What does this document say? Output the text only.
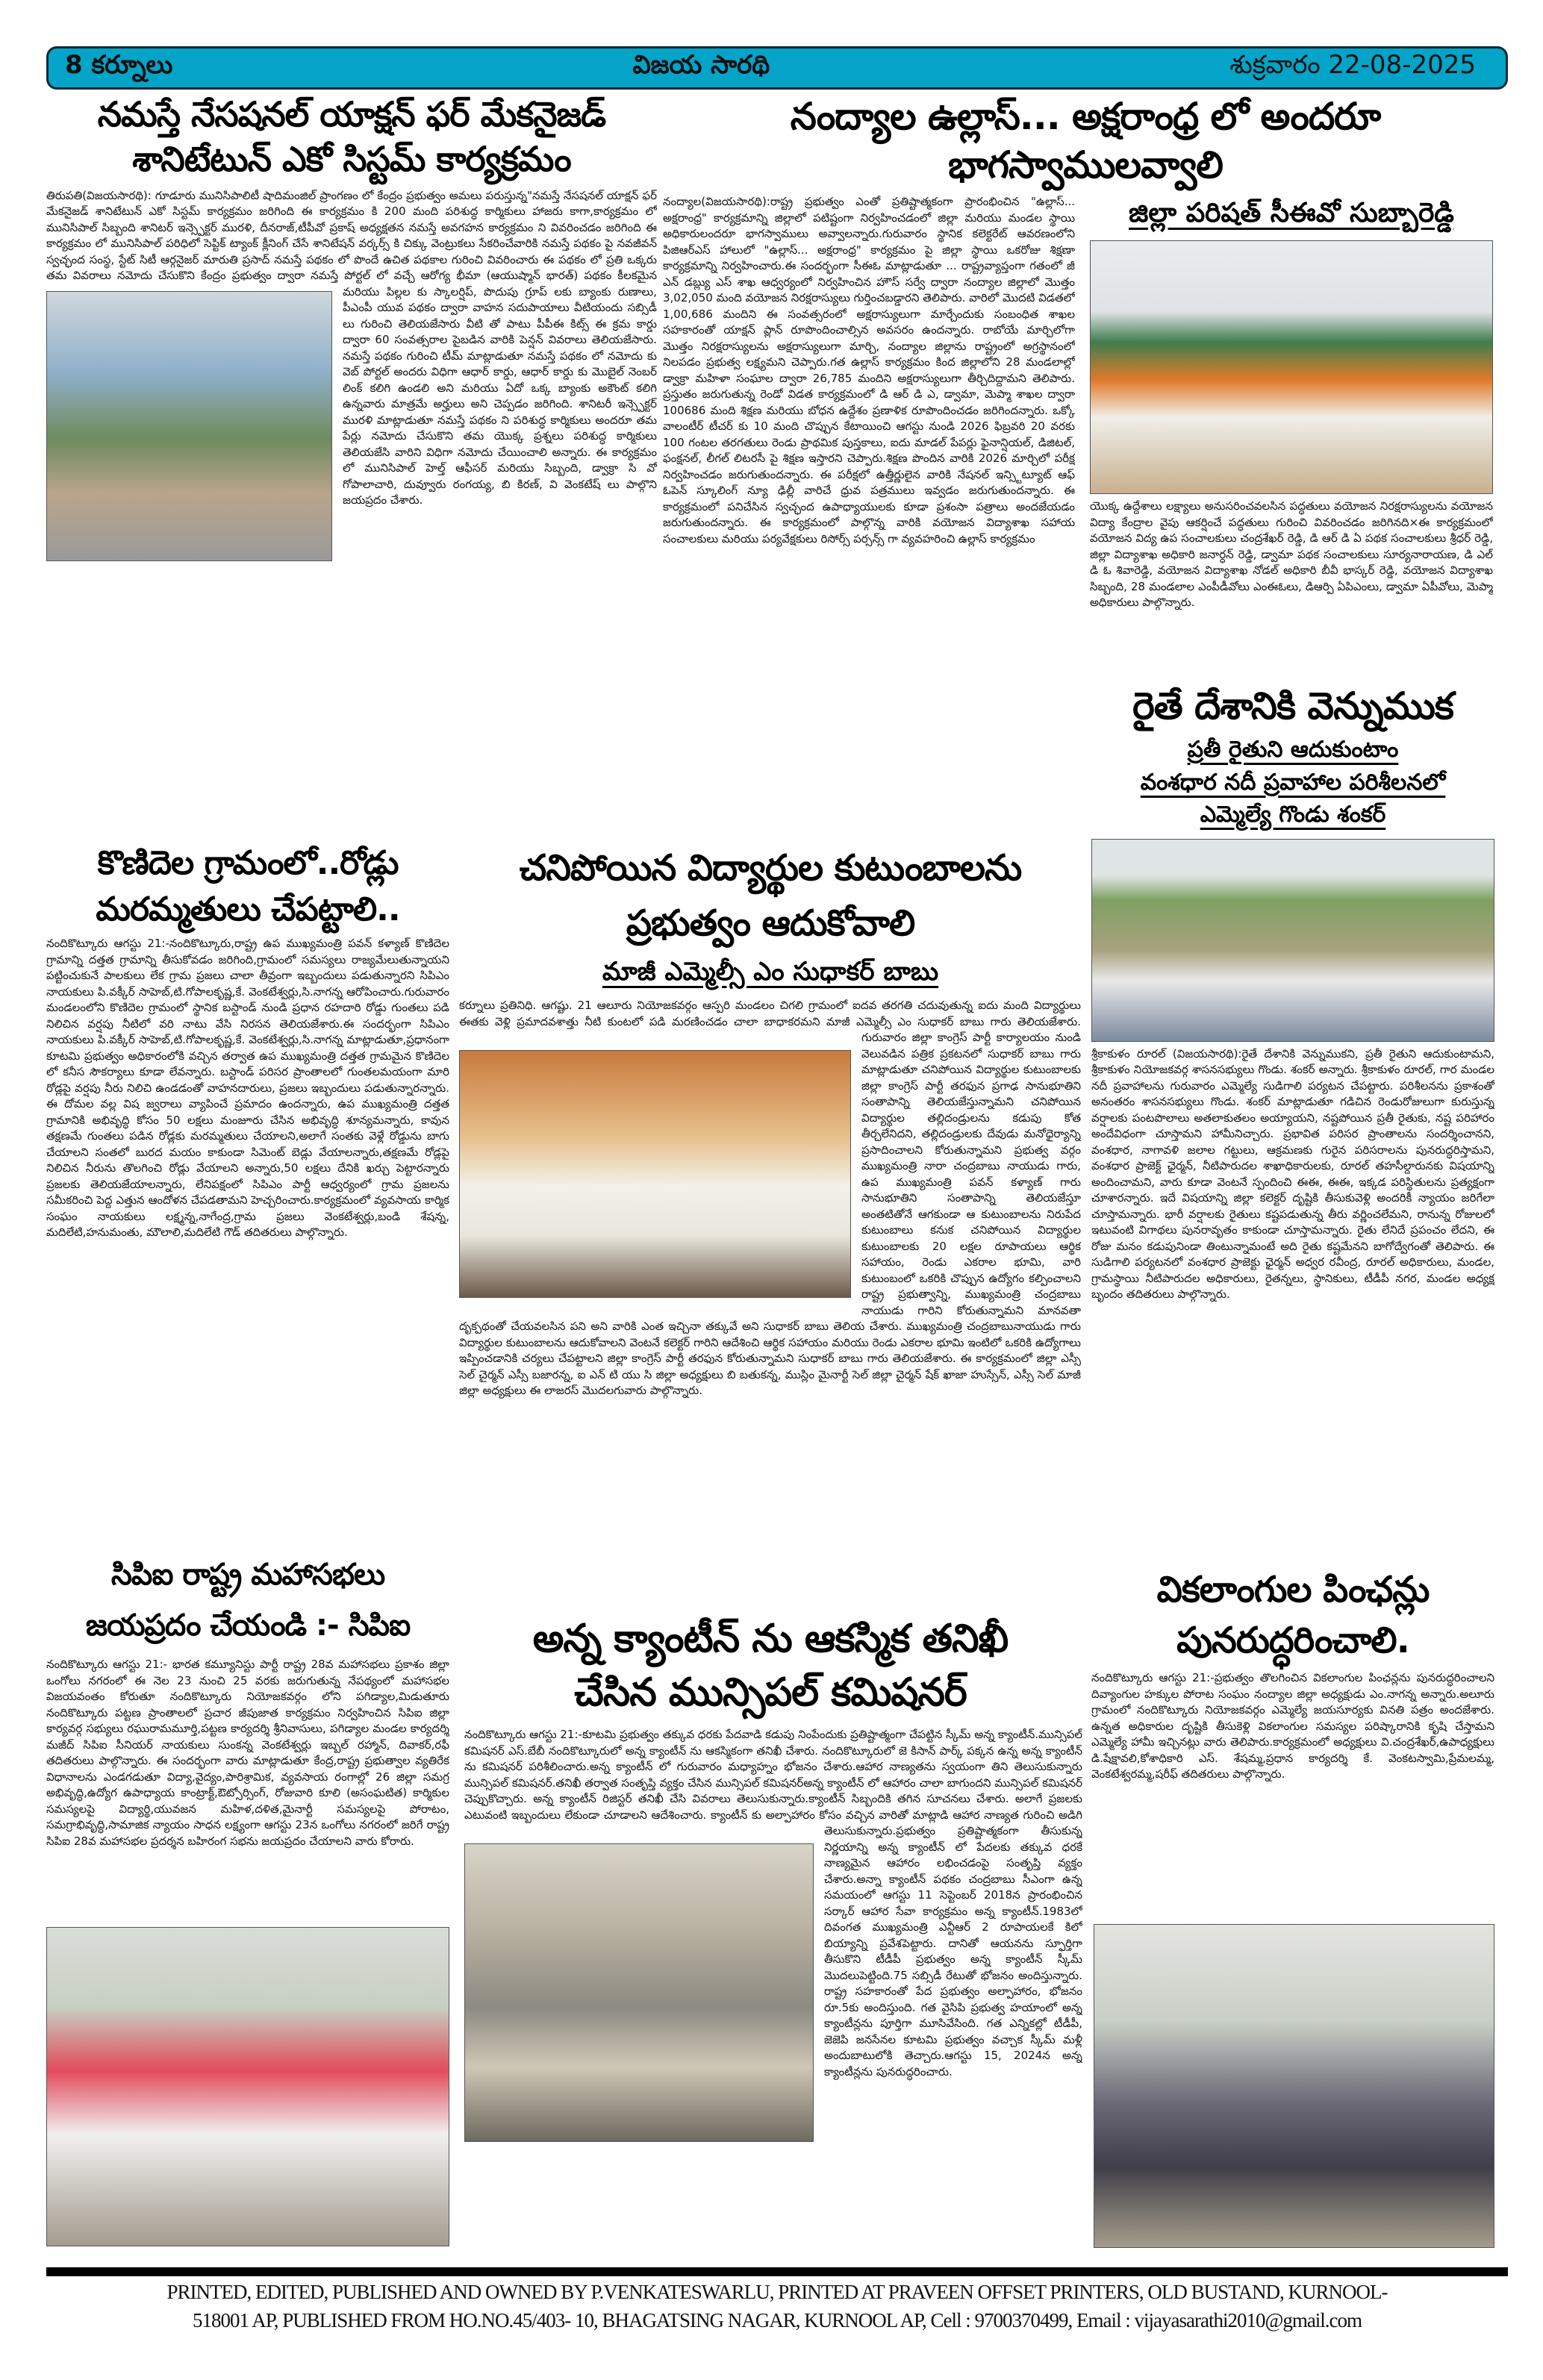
8 కర్నూలు	విజయ సారథి	శుక్రవారం 22-08-2025
నమస్తే నేసషనల్ యాక్షన్ ఫర్ మేకనైజడ్
శానిటేటున్ ఎకో సిస్టమ్ కార్యక్రమం
తిరుపతి(విజయసారథి): గూడూరు మునిసిపాలిటీ షాదిమంజిల్ ప్రాంగణం లో కేంద్రం ప్రభుత్వం అమలు పరుస్తున్న"నమస్తే నేసషనల్ యాక్షన్ ఫర్ మేకనైజడ్ శానిటేటున్ ఎకో సిస్టమ్ కార్యక్రమం జరిగింది ఈ కార్యక్రమం కి 200 మంది పరిశుద్ధ కార్మికులు హాజరు కాగా,కార్యక్రమం లో మునిసిపాల్ సిబ్బంది శానిటర్ ఇన్స్పెక్టర్ మురళి, దీనరాజ్,టీపీవో ప్రకాష్ అధ్యక్షతన నమస్తే అవగహన కార్యక్రమం ని వివరించడం జరిగింది ఈ కార్యక్రమం లో మునిసిపాల్ పరిధిలో సెప్టిక్ ట్యాంక్ క్లీనింగ్ చేసే శానిటేషన్ వర్కర్స్ కి చిక్కు వెంట్రుకలు సేకరించేవారికి నమస్తే పథకం పై నవజీవన్ స్వచ్ఛంద సంస్థ, స్టేట్ సిటీ ఆర్గనైజర్ మారుతి ప్రసాద్ నమస్తే పథకం లో పొందే ఉచిత పథకాల గురించి వివరించారు ఈ పథకం లో ప్రతి ఒక్కరు తమ వివరాలు నమోదు చేసుకొని కేంద్రం ప్రభుత్వం ద్వారా నమస్తే పోర్టల్ లో వచ్చే ఆరోగ్య భీమా (ఆయుష్మాన్ భారత్) పథకం కీలకమైన మరియు పిల్లల కు స్కాలర్షిప్, పొదుపు గ్రూప్ లకు బ్యాంకు రుణాలు, పీఎంపీ యువ పథకం ద్వారా వాహన సదుపాయాలు వీటియందు సబ్సిడీ లు గురించి తెలియజేసారు వీటి తో పాటు పీపీఈ కిట్స్ ఈ క్రమ కార్డు ద్వారా 60 సంవత్సరాల పైబడిన వారికి పెన్షన్ వివరాలు తెలియజేసారు. నమస్తే పథకం గురించి టీమ్ మాట్లాడుతూ నమస్తే పథకం లో నమోదు కు వెబ్ పోర్టల్ అందరు విధిగా ఆధార్ కార్డు, ఆధార్ కార్డు కు మొబైల్ నెంబర్ లింక్ కలిగి ఉండలి అని మరియు ఏదో ఒక్క బ్యాంకు అకౌంట్ కలిగి ఉన్నవారు మాత్రమే అర్హులు అని చెప్పడం జరిగింది. శానిటరీ ఇన్స్పెక్టర్ మురళి మాట్లాడుతూ నమస్తే పథకం ని పరిశుద్ధ కార్మికులు అందరూ తమ పేర్లు నమోదు చేసుకొని తమ యొక్క ప్రశ్నలు పరిశుద్ధ కార్మికులు తెలియజేసి వారిని విధిగా నమోదు చేయించాలి అన్నారు. ఈ కార్యక్రమం లో మునిసిపాల్ హెల్త్ ఆఫీసర్ మరియు సిబ్బంది, డ్వాక్రా సి వో గోపాలాచారి, దువ్వూరు రంగయ్య, బి కిరణ్, వి వెంకటేష్ లు పాల్గొని జయప్రదం చేశారు.
నంద్యాల ఉల్లాస్... అక్షరాంధ్ర లో అందరూ భాగస్వాములవ్వాలి
నంద్యాల(విజయసారథి):రాష్ట్ర ప్రభుత్వం ఎంతో ప్రతిష్టాత్మకంగా ప్రారంభించిన "ఉల్లాస్... అక్షరాంధ్ర" కార్యక్రమాన్ని జిల్లాలో పటిష్టంగా నిర్వహించడంలో జిల్లా మరియు మండల స్థాయి అధికారులందరూ భాగస్వాములు అవ్వాలన్నారు.గురువారం స్థానిక కలెక్టరేట్ ఆవరణంలోని పిజిఆర్ఎస్ హాలులో "ఉల్లాస్... అక్షరాంధ్ర" కార్యక్రమం పై జిల్లా స్థాయి ఒకరోజు శిక్షణా కార్యక్రమాన్ని నిర్వహించారు.ఈ సందర్భంగా సీఈఓ మాట్లాడుతూ ... రాష్ట్రవ్యాప్తంగా గతంలో జీ ఎన్ డబ్ల్యు ఎస్ శాఖ ఆధ్వర్యంలో నిర్వహించిన హౌస్ సర్వే ద్వారా నంద్యాల జిల్లాలో మొత్తం 3,02,050 మంది వయోజన నిరక్షరాస్యులు గుర్తించబడ్డారని తెలిపారు. వారిలో మొదటి విడతలో 1,00,686 మందిని ఈ సంవత్సరంలో అక్షరాస్యులుగా మార్చేందుకు సంబంధిత శాఖల సహకారంతో యాక్షన్ ప్లాన్ రూపొందించాల్సిన అవసరం ఉందన్నారు. రాబోయే మార్చిలోగా మొత్తం నిరక్షరాస్యులను అక్షరాస్యులుగా మార్చి, నంద్యాల జిల్లాను రాష్ట్రంలో అగ్రస్థానంలో నిలపడం ప్రభుత్వ లక్ష్యమని చెప్పారు.గత ఉల్లాస్ కార్యక్రమం కింద జిల్లాలోని 28 మండలాల్లో డ్వాక్రా మహిళా సంఘాల ద్వారా 26,785 మందిని అక్షరాస్యులుగా తీర్చిదిద్దామని తెలిపారు. ప్రస్తుతం జరుగుతున్న రెండో విడత కార్యక్రమంలో డి ఆర్ డి ఎ, డ్వామా, మెప్మా శాఖల ద్వారా 100686 మంది శిక్షణ మరియు బోధన ఉద్దేశం ప్రణాళిక రూపొందించడం జరిగిందన్నారు. ఒక్కో వాలంటీర్ టీచర్ కు 10 మంది చొప్పున కేటాయించి ఆగస్టు నుండి 2026 ఫిబ్రవరి 20 వరకు 100 గంటల తరగతులు రెండు ప్రాథమిక పుస్తకాలు, ఐదు మాడల్ పేపర్లు ఫైనాన్షియల్, డిజిటల్, ఫంక్షనల్, లీగల్ లిటరసీ పై శిక్షణ ఇస్తారని చెప్పారు.శిక్షణ పొందిన వారికి 2026 మార్చిలో పరీక్ష నిర్వహించడం జరుగుతుందన్నారు. ఈ పరీక్షలో ఉత్తీర్ణులైన వారికి నేషనల్ ఇన్స్టిట్యూట్ ఆఫ్ ఓపెన్ స్కూలింగ్ న్యూ ఢిల్లీ వారిచే ధ్రువ పత్రములు ఇవ్వడం జరుగుతుందన్నారు. ఈ కార్యక్రమంలో పనిచేసిన స్వచ్ఛంద ఉపాధ్యాయులకు కూడా ప్రశంసా పత్రాలు అందజేయడం జరుగుతుందన్నారు. ఈ కార్యక్రమంలో పాల్గొన్న వారికి వయోజన విద్యాశాఖ సహాయ సంచాలకులు మరియు పర్యవేక్షకులు రిసోర్స్ పర్సన్స్ గా వ్యవహరించి ఉల్లాస్ కార్యక్రమం
జిల్లా పరిషత్ సీఈవో సుబ్బారెడ్డి
యొక్క ఉద్దేశాలు లక్ష్యాలు అనుసరించవలసిన పద్ధతులు వయోజన నిరక్షరాస్యులను వయోజన విద్యా కేంద్రాల వైపు ఆకర్షించే పద్ధతులు గురించి వివరించడం జరిగినది×ఈ కార్యక్రమంలో వయోజన విద్య ఉప సంచాలకులు చంద్రశేఖర్ రెడ్డి, డి ఆర్ డి ఏ పథక సంచాలకులు శ్రీధర్ రెడ్డి, జిల్లా విద్యాశాఖ అధికారి జనార్ధన్ రెడ్డి, డ్వామా పథక సంచాలకులు సూర్యనారాయణ, డి ఎల్ డి ఓ శివారెడ్డి, వయోజన విద్యాశాఖ నోడల్ అధికారి బీవీ భాస్కర్ రెడ్డి, వయోజన విద్యాశాఖ సిబ్బంది, 28 మండలాల ఎంపీడీవోలు ఎంఈఓలు, డిఆర్పి ఏపిఎంలు, డ్వామా ఏపీవోలు, మెప్మా అధికారులు పాల్గొన్నారు.
రైతే దేశానికి వెన్నుముక
ప్రతీ రైతుని ఆదుకుంటాం
వంశధార నదీ ప్రవాహాల పరిశీలనలో
ఎమ్మెల్యే గొండు శంకర్
శ్రీకాకుళం రూరల్ (విజయసారథి):రైతే దేశానికి వెన్నుముకని, ప్రతీ రైతుని ఆదుకుంటామని, శ్రీకాకుళం నియోజకవర్గ శాసనసభ్యులు గొండు. శంకర్ అన్నారు. శ్రీకాకుళం రూరల్, గార మండల నదీ ప్రవాహాలను గురువారం ఎమ్మెల్యే సుడిగాలి పర్యటన చేపట్టారు. పరిశీలనను ప్రకాశంతో అనంతరం శాసనసభ్యులు గొండు. శంకర్ మాట్లాడుతూ గడిచిన రెండురోజులుగా కురుస్తున్న వర్షాలకు పంటపొలాలు అతలాకుతలం అయ్యాయని, నష్టపోయిన ప్రతీ రైతుకు, నష్ట పరిహారం అందేవిధంగా చూస్తామని హామీనిచ్చారు. ప్రభావిత పరిసర ప్రాంతాలను సందర్శించానని, వంశధార, నాగావళి జలాల గట్టులు, ఆక్రమణకు గురైన పరిసరాలను పునరుద్ధరిస్తామని, వంశధార ప్రాజెక్ట్ ఛైర్మన్, నీటిపారుదల శాఖాధికారులకు, రూరల్ తహసీల్దారునకు విషయాన్ని అందించామని, వారు కూడా వెంటనే స్పందించి ఈఈ, ఈఈ, ఇక్కడ పరిస్థితులను ప్రత్యక్షంగా చూశారన్నారు. ఇదే విషయాన్ని జిల్లా కలెక్టర్ దృష్టికి తీసుకువెళ్లి అందరికీ న్యాయం జరిగేలా చూస్తామన్నారు. భారీ వర్షాలకు రైతులు కష్టపడుతున్న తీరు వర్ణించలేమని, రానున్న రోజులలో ఇటువంటి విగాథలు పునరావృతం కాకుండా చూస్తామన్నారు. రైతు లేనిదే ప్రపంచం లేదని, ఈ రోజు మనం కడుపునిండా తింటున్నామంటే అది రైతు కష్టమేనని బాగోద్వేగంతో తెలిపారు. ఈ సుడిగాలి పర్యటనలో వంశధార ప్రాజెక్టు ఛైర్మన్ అధ్వర రవీంద్ర, రూరల్ అధికారులు, మండల, గ్రామస్థాయి నీటిపారుదల అధికారులు, రైతన్నలు, స్థానికులు, టీడీపీ నగర, మండల అధ్యక్ష బృందం తదితరులు పాల్గొన్నారు.
కొణిదెల గ్రామంలో..రోడ్లు
మరమ్మతులు చేపట్టాలి..
నందికొట్కూరు ఆగస్టు 21:-నందికొట్కూరు,రాష్ట్ర ఉప ముఖ్యమంత్రి పవన్ కళ్యాణ్ కొణిదెల గ్రామాన్ని దత్తత గ్రామాన్ని తీసుకోవడం జరిగింది,గ్రామంలో సమస్యలు రాజ్యమేలుతున్నాయని పట్టించుకునే పాలకులు లేక గ్రామ ప్రజలు చాలా తీవ్రంగా ఇబ్బందులు పడుతున్నారని సిపిఎం నాయకులు పి.వక్కీర్ సాహెబ్,టి.గోపాలకృష్ణ,కే. వెంకటేశ్వర్లు,సి.నాగన్న ఆరోపించారు.గురువారం మండలంలోని కొణిదెల గ్రామంలో స్థానిక బస్టాండ్ నుండి ప్రధాన రహదారి రోడ్డు గుంతలు పడి నిలిచిన వర్షపు నీటిలో వరి నాటు వేసి నిరసన తెలియజేశారు.ఈ సందర్భంగా సిపిఎం నాయకులు పి.వక్కీర్ సాహెబ్,టి.గోపాలకృష్ణ,కే. వెంకటేశ్వర్లు,సి.నాగన్న మాట్లాడుతూ,ప్రధానంగా కూటమి ప్రభుత్వం అధికారంలోకి వచ్చిన తర్వాత ఉప ముఖ్యమంత్రి దత్తత గ్రామమైన కొణిదెల లో కనీస సౌకర్యాలు కూడా లేవన్నారు. బస్టాండ్ పరిసర ప్రాంతాలలో గుంతలమయంగా మారి రోడ్లపై వర్షపు నీరు నిలిచి ఉండడంతో వాహనదారులు, ప్రజలు ఇబ్బందులు పడుతున్నారన్నారు. ఈ దోమల వల్ల విష జ్వరాలు వ్యాపించే ప్రమాదం ఉందన్నారు, ఉప ముఖ్యమంత్రి దత్తత గ్రామానికి అభివృద్ధి కోసం 50 లక్షలు మంజూరు చేసిన అభివృద్ధి శూన్యమన్నారు, కావున తక్షణమే గుంతలు పడిన రోడ్లకు మరమ్మతులు చేయాలని,అలాగే సంతకు వెళ్లే రోడ్డును బాగు చేయాలని సంతలో బురద మయం కాకుండా సిమెంట్ బెడ్లు వేయాలన్నారు,తక్షణమే రోడ్లపై నిలిచిన నీరును తొలగించి రోడ్లు వేయాలని అన్నారు,50 లక్షలు దేనికి ఖర్చు పెట్టారన్నారు ప్రజలకు తెలియజేయాలన్నారు, లేనిపక్షంలో సిపిఎం పార్టీ ఆధ్వర్యంలో గ్రామ ప్రజలను సమీకరించి పెద్ద ఎత్తున ఆందోళన చేపడతామని హెచ్చరించారు.కార్యక్రమంలో వ్యవసాయ కార్మిక సంఘం నాయకులు లక్ష్మన్న,నాగేంద్ర,గ్రామ ప్రజలు వెంకటేశ్వర్లు,బండి శేషన్న, మదిలేటి,హనుమంతు, మౌలాలి,మదిలేటి గౌడ్ తదితరులు పాల్గొన్నారు.
చనిపోయిన విద్యార్థుల కుటుంబాలను
ప్రభుత్వం ఆదుకోవాలి
మాజీ ఎమ్మెల్సీ ఎం సుధాకర్ బాబు
కర్నూలు ప్రతినిధి. ఆగష్టు. 21 ఆలూరు నియోజకవర్గం ఆస్పరి మండలం చిగలి గ్రామంలో ఐదవ తరగతి చదువుతున్న ఐదు మంది విద్యార్థులు ఈతకు వెళ్లి ప్రమాదవశాత్తు నీటి కుంటలో పడి మరణించడం చాలా బాధాకరమని మాజీ ఎమ్మెల్సీ ఎం సుధాకర్ బాబు గారు తెలియజేశారు. గురువారం జిల్లా కాంగ్రెస్ పార్టీ కార్యాలయం నుండి వెలువడిన పత్రిక ప్రకటనలో సుధాకర్ బాబు గారు మాట్లాడుతూ చనిపోయిన విద్యార్థుల కుటుంబాలకు జిల్లా కాంగ్రెస్ పార్టీ తరఫున ప్రగాఢ సానుభూతిని సంతాపాన్ని తెలియజేస్తున్నామని చనిపోయిన విద్యార్థుల తల్లిదండ్రులను కడుపు కోత తీర్చలేనిదని, తల్లిదండ్రులకు దేవుడు మనోధైర్యాన్ని ప్రసాదించాలని కోరుతున్నామని ప్రభుత్వ వర్గం ముఖ్యమంత్రి నారా చంద్రబాబు నాయుడు గారు, ఉప ముఖ్యమంత్రి పవన్ కళ్యాణ్ గారు సానుభూతిని సంతాపాన్ని తెలియజేస్తూ అంతటితోనే ఆగకుండా ఆ కుటుంబాలను నిరుపేద కుటుంబాలు కనుక చనిపోయిన విద్యార్థుల కుటుంబాలకు 20 లక్షల రూపాయలు ఆర్థిక సహాయం, రెండు ఎకరాల భూమి, వారి కుటుంబంలో ఒకరికి చొప్పున ఉద్యోగం కల్పించాలని రాష్ట్ర ప్రభుత్వాన్ని, ముఖ్యమంత్రి చంద్రబాబు నాయుడు గారిని కోరుతున్నామని మానవతా దృక్పథంతో చేయవలసిన పని అని వారికి ఎంత ఇచ్చినా తక్కువే అని సుధాకర్ బాబు తెలియ చేశారు. ముఖ్యమంత్రి చంద్రబాబునాయుడు గారు విద్యార్థుల కుటుంబాలను ఆదుకోవాలని వెంటనే కలెక్టర్ గారిని ఆదేశించి ఆర్థిక సహాయం మరియు రెండు ఎకరాల భూమి ఇంటిలో ఒకరికి ఉద్యోగాలు ఇప్పించడానికి చర్యలు చేపట్టాలని జిల్లా కాంగ్రెస్ పార్టీ తరఫున కోరుతున్నామని సుధాకర్ బాబు గారు తెలియజేశారు. ఈ కార్యక్రమంలో జిల్లా ఎస్సీ సెల్ చైర్మన్ ఎస్సీ బజారన్న, ఐ ఎన్ టి యు సి జిల్లా అధ్యక్షులు బి బతుకన్న, ముస్లిం మైనార్టీ సెల్ జిల్లా చైర్మన్ షేక్ ఖాజా హుస్సేన్, ఎస్సీ సెల్ మాజీ జిల్లా అధ్యక్షులు ఈ లాజరస్ మొదలగువారు పాల్గొన్నారు.
సిపిఐ రాష్ట్ర మహాసభలు
జయప్రదం చేయండి :- సిపిఐ
నందికొట్కూరు ఆగస్టు 21:- భారత కమ్యూనిస్టు పార్టీ రాష్ట్ర 28వ మహాసభలు ప్రకాశం జిల్లా ఒంగోలు నగరంలో ఈ నెల 23 నుంచి 25 వరకు జరుగుతున్న నేపథ్యంలో మహాసభల విజయవంతం కోరుతూ నందికొట్కూరు నియోజకవర్గం లోని పగిడ్యాల,మిడుతూరు నందికొట్కూరు పట్టణ ప్రాంతాలలో ప్రచార జీపుజాత కార్యక్రమం నిర్వహించిన సిపిఐ జిల్లా కార్యవర్గ సభ్యులు రఘురామమూర్తి,పట్టణ కార్యదర్శి శ్రీనివాసులు, పగిడ్యాల మండల కార్యదర్శి మజీద్ సిపిఐ సీనియర్ నాయకులు సుంకన్న వెంకటేశ్వర్లు ఇబ్బల్ రహ్మాన్, దివాకర్,రఫీ తదితరులు పాల్గొన్నారు. ఈ సందర్భంగా వారు మాట్లాడుతూ కేంద్ర,రాష్ట్ర ప్రభుత్వాల వ్యతిరేక విధానాలను ఎండగడుతూ విద్యా,వైద్యం,పారిశ్రామిక, వ్యవసాయ రంగాల్లో 26 జిల్లా సమగ్ర అభివృద్ధి,ఉద్యోగ ఉపాధ్యాయ కాంట్రాక్ట్,ఔట్సోర్సింగ్, రోజువారి కూలి (అసంఘటిత) కార్మికుల సమస్యలపై విద్యార్థి,యువజన మహిళ,దళిత,మైనార్టీ సమస్యలపై పోరాటం, సమగ్రాభివృద్ధి,సామాజిక న్యాయం సాధన లక్ష్యంగా ఆగస్టు 23న ఒంగోలు నగరంలో జరిగే రాష్ట్ర సిపిఐ 28వ మహాసభల ప్రదర్శన బహిరంగ సభను జయప్రదం చేయాలని వారు కోరారు.
అన్న క్యాంటీన్ ను ఆకస్మిక తనిఖీ
చేసిన మున్సిపల్ కమిషనర్
నందికొట్కూరు ఆగస్టు 21:-కూటమి ప్రభుత్వం తక్కువ ధరకు పేదవాడి కడుపు నింపేందుకు ప్రతిష్టాత్మంగా చేపట్టిన స్కీమ్ అన్న క్యాంటీన్.మున్సిపల్ కమిషనర్ ఎస్.బేబీ నందికొట్కూరులో అన్న క్యాంటీన్ ను ఆకస్మికంగా తనిఖీ చేశారు. నందికొట్కూరులో జె కిసాన్ పార్క్ పక్కన ఉన్న అన్న క్యాంటీన్ ను కమిషనర్ పరిశీలించారు.అన్న క్యాంటీన్ లో గురువారం మధ్యాహ్నం భోజనం చేశారు.ఆహార నాణ్యతను స్వయంగా తిని తెలుసుకున్నారు మున్సిపల్ కమిషనర్.తనిఖీ తర్వాత సంతృప్తి వ్యక్తం చేసిన మున్సిపల్ కమిషనర్అన్న క్యాంటీన్ లో ఆహారం చాలా బాగుందని మున్సిపల్ కమిషనర్ చెప్పుకొచ్చారు. అన్న క్యాంటీన్ రిజిస్టర్ తనిఖీ చేసి వివరాలు తెలుసుకున్నారు.క్యాంటీన్ సిబ్బందికి తగిన సూచనలు చేశారు. అలాగే ప్రజలకు ఎటువంటి ఇబ్బందులు లేకుండా చూడాలని ఆదేశించారు. క్యాంటీన్ కు అల్పాహారం కోసం వచ్చిన వారితో మాట్లాడి ఆహార నాణ్యత గురించి అడిగి తెలుసుకున్నారు.ప్రభుత్వం ప్రతిష్టాత్మకంగా తీసుకున్న నిర్ణయాన్ని అన్న క్యాంటీన్ లో పేదలకు తక్కువ ధరకే నాణ్యమైన ఆహారం లభించడంపై సంతృప్తి వ్యక్తం చేశారు.అన్నా క్యాంటీన్ పథకం చంద్రబాబు సీఎంగా ఉన్న సమయంలో ఆగస్టు 11 సెప్టెంబర్ 2018న ప్రారంభించిన సర్కార్ ఆహార సేవా కార్యక్రమం అన్న క్యాంటీన్.1983లో దివంగత ముఖ్యమంత్రి ఎన్టీఆర్ 2 రూపాయలకే కిలో బియ్యాన్ని ప్రవేశపెట్టారు. దానితో ఆయనను స్ఫూర్తిగా తీసుకొని టీడీపీ ప్రభుత్వం అన్న క్యాంటీన్ స్కీమ్ మొదలుపెట్టింది.75 సబ్సిడీ రేటుతో భోజనం అందిస్తున్నారు. రాష్ట్ర సహకారంతో పేద ప్రభుత్వం అల్పాహారం, భోజనం రూ.5కు అందిస్తుంది. గత వైసిపి ప్రభుత్వ హయాంలో అన్న క్యాంటీన్లను పూర్తిగా మూసివేసింది. గత ఎన్నికల్లో టీడీపీ, జెజెపి జనసేనల కూటమి ప్రభుత్వం వచ్చాక స్కీమ్ మళ్లీ అందుబాటులోకి తెచ్చారు.ఆగస్టు 15, 2024న అన్న క్యాంటీన్లను పునరుద్ధరించారు.
వికలాంగుల పింఛన్లు
పునరుద్ధరించాలి.
నందికొట్కూరు ఆగస్టు 21:-ప్రభుత్వం తొలగించిన వికలాంగుల పింఛన్లను పునరుద్ధరించాలని దివ్యాంగుల హక్కుల పోరాట సంఘం నంద్యాల జిల్లా అధ్యక్షుడు ఎం.నాగన్న అన్నారు.అలూరు గ్రామంలో నందికొట్కూరు నియోజకవర్గం ఎమ్మెల్యే జయసూర్యకు వినతి పత్రం అందజేశారు. ఉన్నత అధికారుల దృష్టికి తీసుకెళ్లి వికలాంగుల సమస్యల పరిష్కారానికి కృషి చేస్తామని ఎమ్మెల్యే హామీ ఇచ్చినట్లు వారు తెలిపారు.కార్యక్రమంలో అధ్యక్షులు వి.చంద్రశేఖర్,ఉపాధ్యక్షులు డి.షేక్షావలి,కోశాధికారి ఎస్. శేషమ్మ,ప్రధాన కార్యదర్శి కే. వెంకటస్వామి,ప్రేమలమ్మ, వెంకటేశ్వరమ్మ,షరీఫ్ తదితరులు పాల్గొన్నారు.
PRINTED, EDITED, PUBLISHED AND OWNED BY P.VENKATESWARLU, PRINTED AT PRAVEEN OFFSET PRINTERS, OLD BUSTAND, KURNOOL-
518001 AP, PUBLISHED FROM HO.NO.45/403- 10, BHAGATSING NAGAR, KURNOOL AP, Cell : 9700370499, Email : vijayasarathi2010@gmail.com
